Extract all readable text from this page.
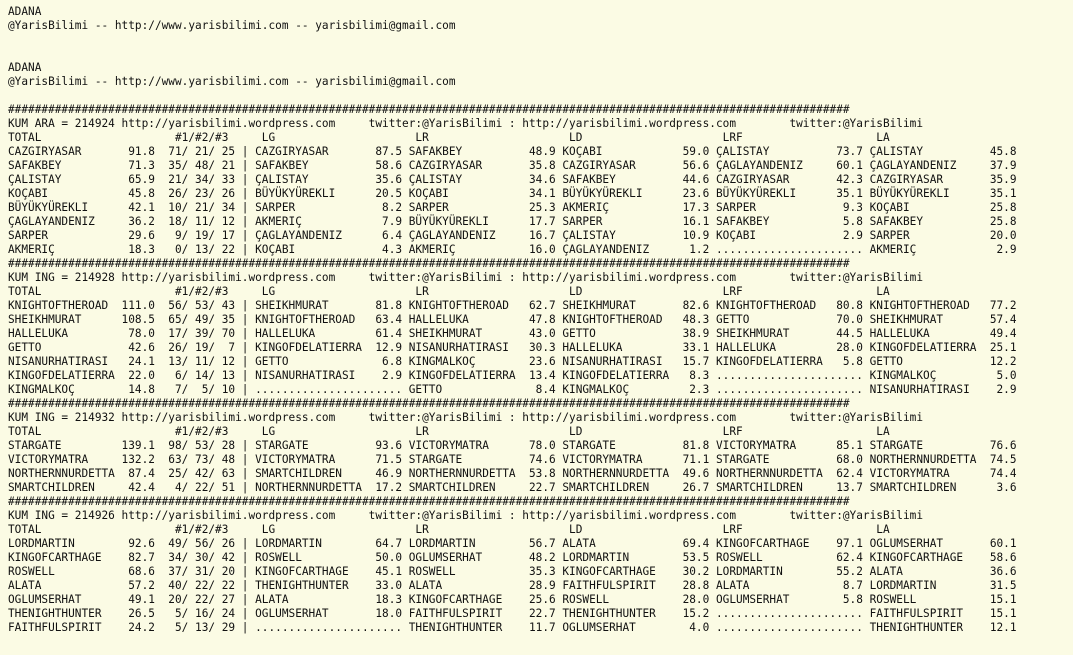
ADANA
@YarisBilimi -- http://www.yarisbilimi.com -- yarisbilimi@gmail.com
ADANA
@YarisBilimi -- http://www.yarisbilimi.com -- yarisbilimi@gmail.com
##############################################################################################################################
KUM ARA = 214924 http://yarisbilimi.wordpress.com     twitter:@YarisBilimi : http://yarisbilimi.wordpress.com        twitter:@YarisBilimi
TOTAL                    #1/#2/#3     LG                     LR                     LD                     LRF                    LA
CAZGIRYASAR       91.8  71/ 21/ 25 | CAZGIRYASAR       87.5 SAFAKBEY          48.9 KOÇABI            59.0 ÇALISTAY          73.7 ÇALISTAY          45.8
SAFAKBEY          71.3  35/ 48/ 21 | SAFAKBEY          58.6 CAZGIRYASAR       35.8 CAZGIRYASAR       56.6 ÇAGLAYANDENIZ     60.1 ÇAGLAYANDENIZ     37.9
ÇALISTAY          65.9  21/ 34/ 33 | ÇALISTAY          35.6 ÇALISTAY          34.6 SAFAKBEY          44.6 CAZGIRYASAR       42.3 CAZGIRYASAR       35.9
KOÇABI            45.8  26/ 23/ 26 | BÜYÜKYÜREKLI      20.5 KOÇABI            34.1 BÜYÜKYÜREKLI      23.6 BÜYÜKYÜREKLI      35.1 BÜYÜKYÜREKLI      35.1
BÜYÜKYÜREKLI      42.1  10/ 21/ 34 | SARPER             8.2 SARPER            25.3 AKMERIÇ           17.3 SARPER             9.3 KOÇABI            25.8
ÇAGLAYANDENIZ     36.2  18/ 11/ 12 | AKMERIÇ            7.9 BÜYÜKYÜREKLI      17.7 SARPER            16.1 SAFAKBEY           5.8 SAFAKBEY          25.8
SARPER            29.6   9/ 19/ 17 | ÇAGLAYANDENIZ      6.4 ÇAGLAYANDENIZ     16.7 ÇALISTAY          10.9 KOÇABI             2.9 SARPER            20.0
AKMERIÇ           18.3   0/ 13/ 22 | KOÇABI             4.3 AKMERIÇ           16.0 ÇAGLAYANDENIZ      1.2 ...................... AKMERIÇ            2.9
##############################################################################################################################
KUM ING = 214928 http://yarisbilimi.wordpress.com     twitter:@YarisBilimi : http://yarisbilimi.wordpress.com        twitter:@YarisBilimi
TOTAL                    #1/#2/#3     LG                     LR                     LD                     LRF                    LA
KNIGHTOFTHEROAD  111.0  56/ 53/ 43 | SHEIKHMURAT       81.8 KNIGHTOFTHEROAD   62.7 SHEIKHMURAT       82.6 KNIGHTOFTHEROAD   80.8 KNIGHTOFTHEROAD   77.2
SHEIKHMURAT      108.5  65/ 49/ 35 | KNIGHTOFTHEROAD   63.4 HALLELUKA         47.8 KNIGHTOFTHEROAD   48.3 GETTO             70.0 SHEIKHMURAT       57.4
HALLELUKA         78.0  17/ 39/ 70 | HALLELUKA         61.4 SHEIKHMURAT       43.0 GETTO             38.9 SHEIKHMURAT       44.5 HALLELUKA         49.4
GETTO             42.6  26/ 19/  7 | KINGOFDELATIERRA  12.9 NISANURHATIRASI   30.3 HALLELUKA         33.1 HALLELUKA         28.0 KINGOFDELATIERRA  25.1
NISANURHATIRASI   24.1  13/ 11/ 12 | GETTO              6.8 KINGMALKOÇ        23.6 NISANURHATIRASI   15.7 KINGOFDELATIERRA   5.8 GETTO             12.2
KINGOFDELATIERRA  22.0   6/ 14/ 13 | NISANURHATIRASI    2.9 KINGOFDELATIERRA  13.4 KINGOFDELATIERRA   8.3 ...................... KINGMALKOÇ         5.0
KINGMALKOÇ        14.8   7/  5/ 10 | ...................... GETTO              8.4 KINGMALKOÇ         2.3 ...................... NISANURHATIRASI    2.9
##############################################################################################################################
KUM ING = 214932 http://yarisbilimi.wordpress.com     twitter:@YarisBilimi : http://yarisbilimi.wordpress.com        twitter:@YarisBilimi
TOTAL                    #1/#2/#3     LG                     LR                     LD                     LRF                    LA
STARGATE         139.1  98/ 53/ 28 | STARGATE          93.6 VICTORYMATRA      78.0 STARGATE          81.8 VICTORYMATRA      85.1 STARGATE          76.6
VICTORYMATRA     132.2  63/ 73/ 48 | VICTORYMATRA      71.5 STARGATE          74.6 VICTORYMATRA      71.1 STARGATE          68.0 NORTHERNNURDETTA  74.5
NORTHERNNURDETTA  87.4  25/ 42/ 63 | SMARTCHILDREN     46.9 NORTHERNNURDETTA  53.8 NORTHERNNURDETTA  49.6 NORTHERNNURDETTA  62.4 VICTORYMATRA      74.4
SMARTCHILDREN     42.4   4/ 22/ 51 | NORTHERNNURDETTA  17.2 SMARTCHILDREN     22.7 SMARTCHILDREN     26.7 SMARTCHILDREN     13.7 SMARTCHILDREN      3.6
##############################################################################################################################
KUM ING = 214926 http://yarisbilimi.wordpress.com     twitter:@YarisBilimi : http://yarisbilimi.wordpress.com        twitter:@YarisBilimi
TOTAL                    #1/#2/#3     LG                     LR                     LD                     LRF                    LA
LORDMARTIN        92.6  49/ 56/ 26 | LORDMARTIN        64.7 LORDMARTIN        56.7 ALATA             69.4 KINGOFCARTHAGE    97.1 OGLUMSERHAT       60.1
KINGOFCARTHAGE    82.7  34/ 30/ 42 | ROSWELL           50.0 OGLUMSERHAT       48.2 LORDMARTIN        53.5 ROSWELL           62.4 KINGOFCARTHAGE    58.6
ROSWELL           68.6  37/ 31/ 20 | KINGOFCARTHAGE    45.1 ROSWELL           35.3 KINGOFCARTHAGE    30.2 LORDMARTIN        55.2 ALATA             36.6
ALATA             57.2  40/ 22/ 22 | THENIGHTHUNTER    33.0 ALATA             28.9 FAITHFULSPIRIT    28.8 ALATA              8.7 LORDMARTIN        31.5
OGLUMSERHAT       49.1  20/ 22/ 27 | ALATA             18.3 KINGOFCARTHAGE    25.6 ROSWELL           28.0 OGLUMSERHAT        5.8 ROSWELL           15.1
THENIGHTHUNTER    26.5   5/ 16/ 24 | OGLUMSERHAT       18.0 FAITHFULSPIRIT    22.7 THENIGHTHUNTER    15.2 ...................... FAITHFULSPIRIT    15.1
FAITHFULSPIRIT    24.2   5/ 13/ 29 | ...................... THENIGHTHUNTER    11.7 OGLUMSERHAT        4.0 ...................... THENIGHTHUNTER    12.1
